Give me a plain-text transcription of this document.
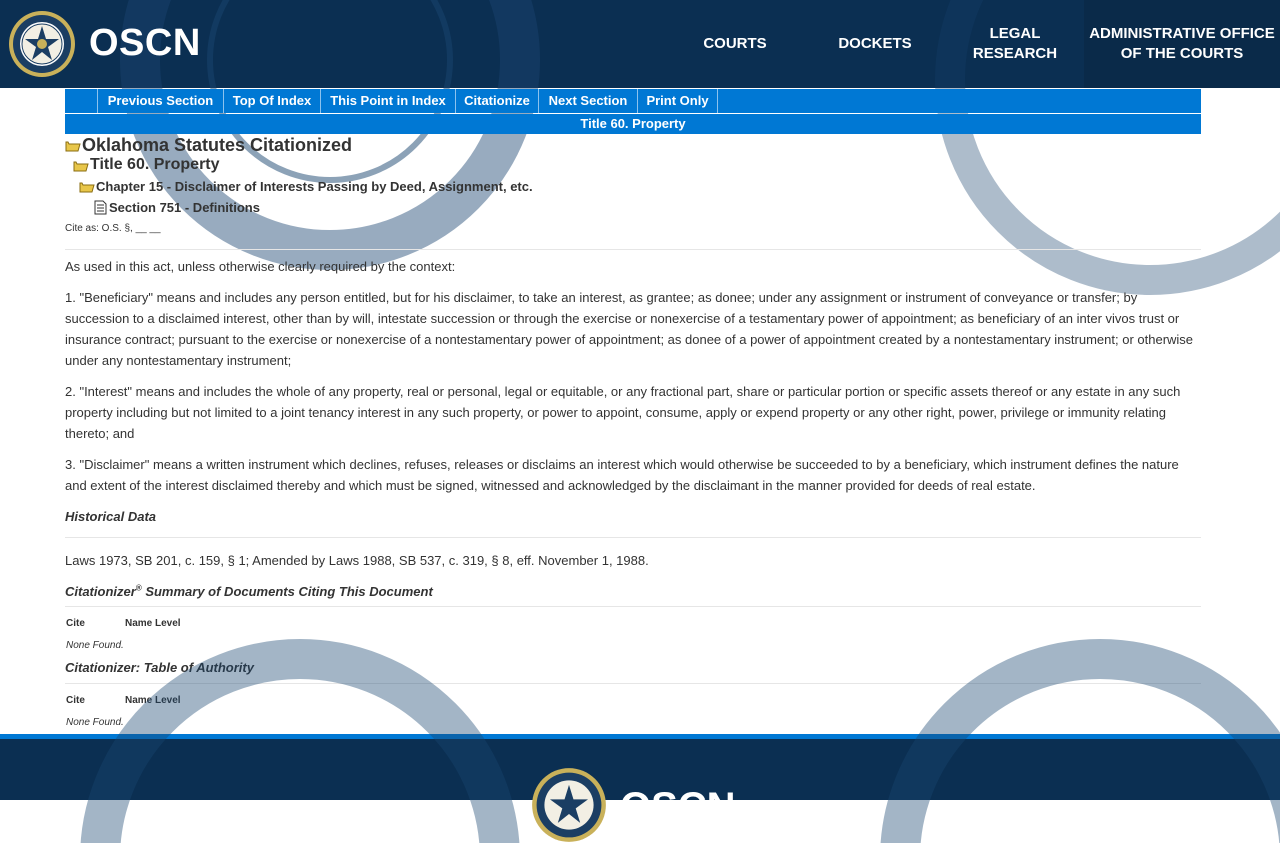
OSCN	COURTS	DOCKETS
LEGAL
RESEARCH
ADMINISTRATIVE OFFICE
OF THE COURTS
Previous Section	Top Of Index	This Point in Index	Citationize	Next Section	Print Only
Title 60. Property
Oklahoma Statutes Citationized
Title 60. Property
Chapter 15 - Disclaimer of Interests Passing by Deed, Assignment, etc.
Section 751 - Definitions
Cite as: O.S. §, __ __
As used in this act, unless otherwise clearly required by the context:
1. "Beneficiary" means and includes any person entitled, but for his disclaimer, to take an interest, as grantee; as donee; under any assignment or instrument of conveyance or transfer; by succession to a disclaimed interest, other than by will, intestate succession or through the exercise or nonexercise of a testamentary power of appointment; as beneficiary of an inter vivos trust or insurance contract; pursuant to the exercise or nonexercise of a nontestamentary power of appointment; as donee of a power of appointment created by a nontestamentary instrument; or otherwise under any nontestamentary instrument;
2. "Interest" means and includes the whole of any property, real or personal, legal or equitable, or any fractional part, share or particular portion or specific assets thereof or any estate in any such property including but not limited to a joint tenancy interest in any such property, or power to appoint, consume, apply or expend property or any other right, power, privilege or immunity relating thereto; and
3. "Disclaimer" means a written instrument which declines, refuses, releases or disclaims an interest which would otherwise be succeeded to by a beneficiary, which instrument defines the nature and extent of the interest disclaimed thereby and which must be signed, witnessed and acknowledged by the disclaimant in the manner provided for deeds of real estate.
Historical Data
Laws 1973, SB 201, c. 159, § 1; Amended by Laws 1988, SB 537, c. 319, § 8, eff. November 1, 1988.
Citationizer® Summary of Documents Citing This Document
Cite	Name Level
None Found.
Citationizer: Table of Authority
Cite	Name Level
None Found.
OSCN
